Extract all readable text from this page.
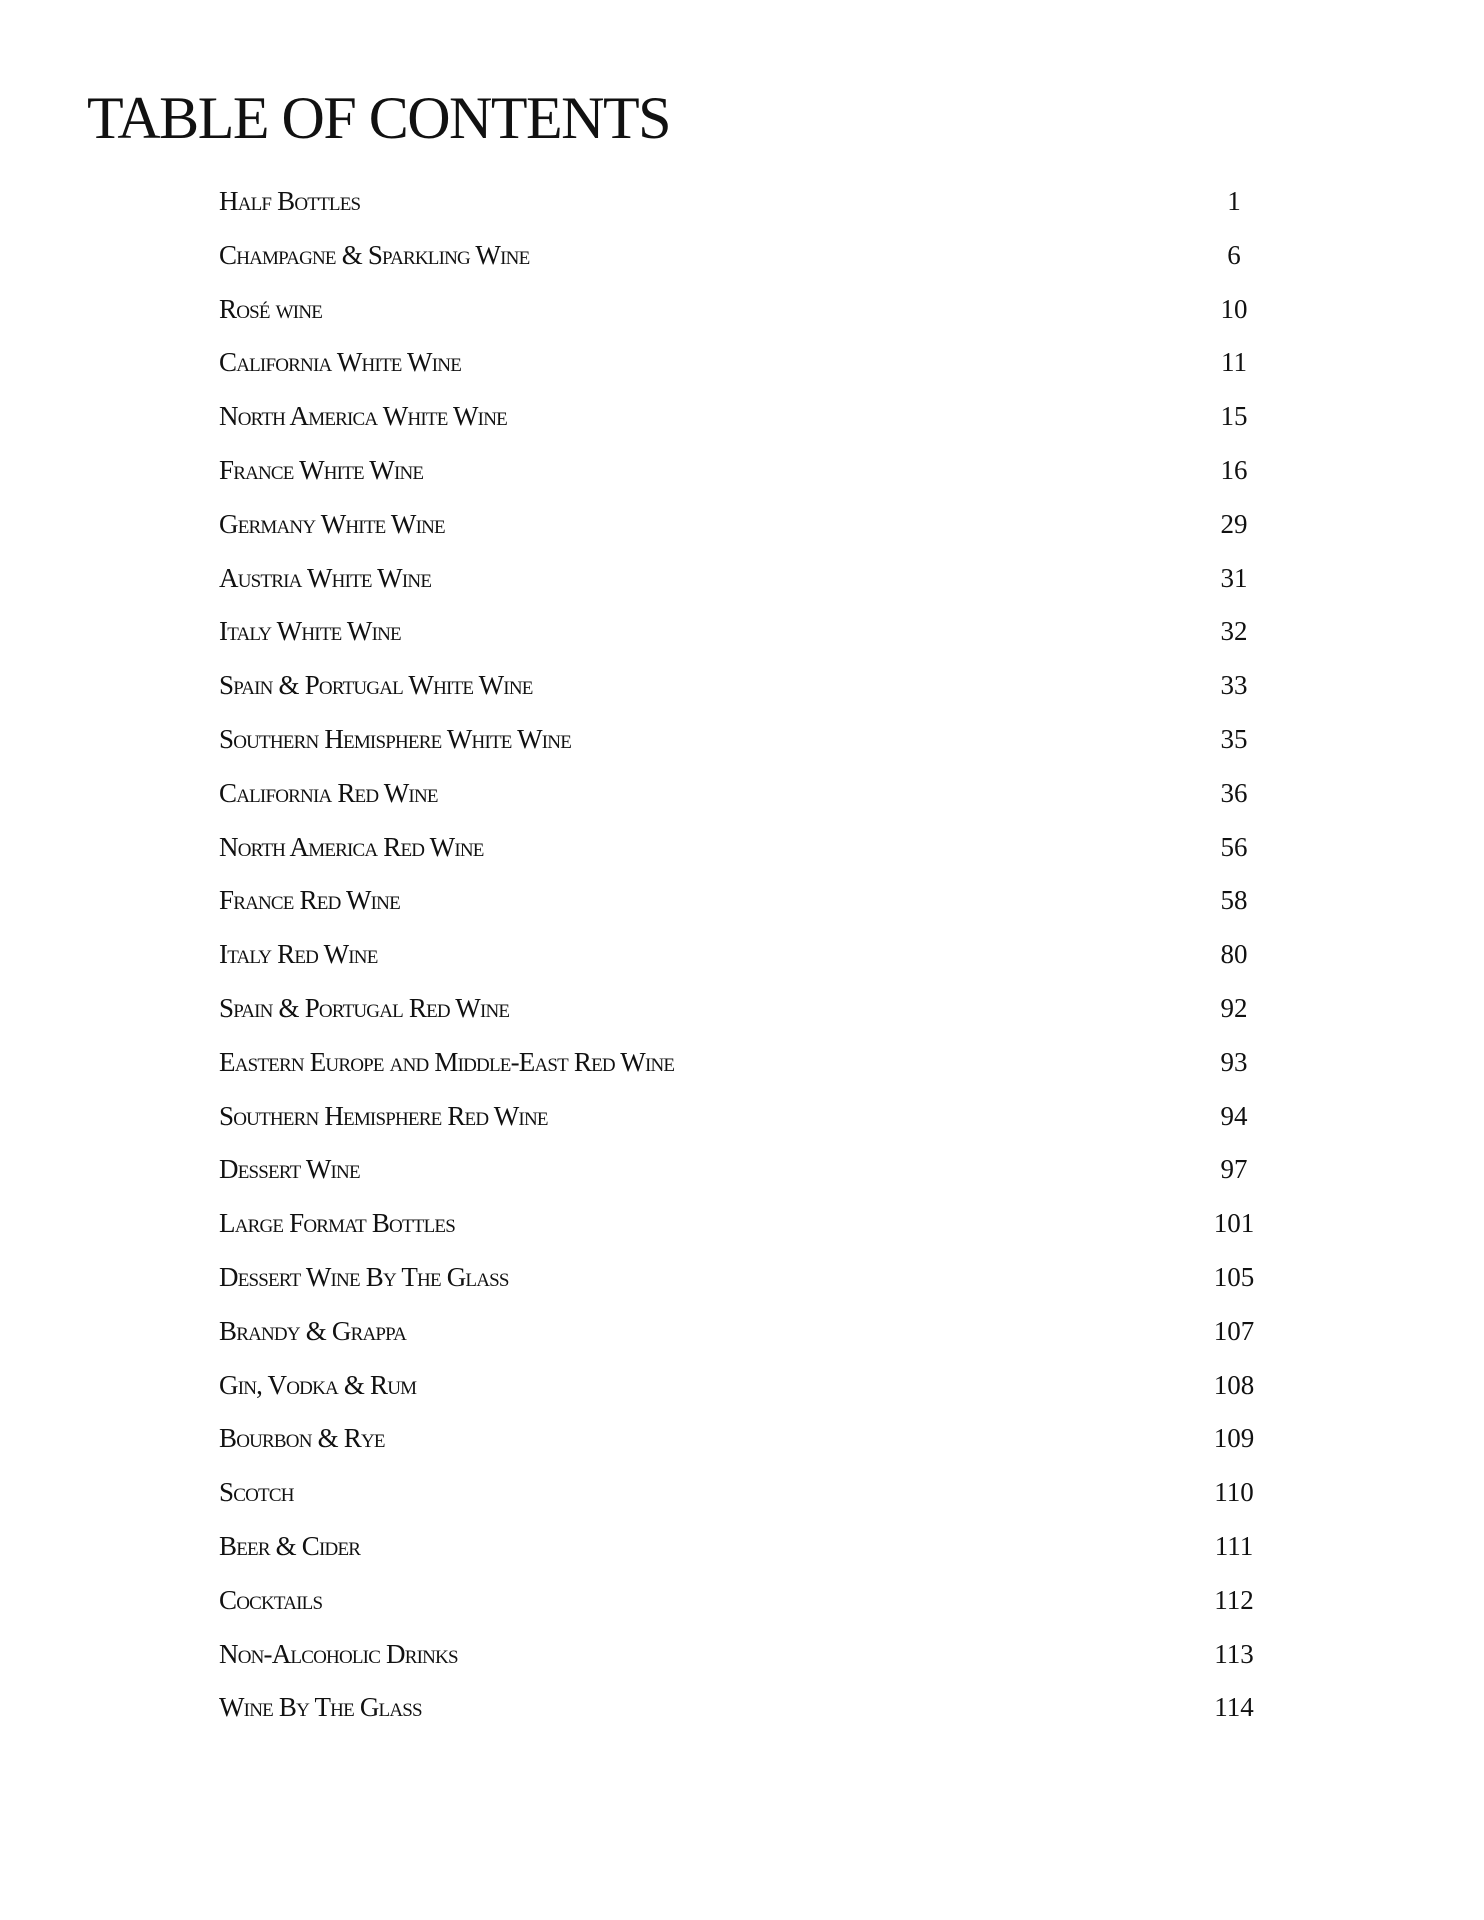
TABLE OF CONTENTS
Half Bottles	1
Champagne & Sparkling Wine	6
Rosé wine	10
California White Wine	11
North America White Wine	15
France White Wine	16
Germany White Wine	29
Austria White Wine	31
Italy White Wine	32
Spain & Portugal White Wine	33
Southern Hemisphere White Wine	35
California Red Wine	36
North America Red Wine	56
France Red Wine	58
Italy Red Wine	80
Spain & Portugal Red Wine	92
Eastern Europe and Middle-East Red Wine	93
Southern Hemisphere Red Wine	94
Dessert Wine	97
Large Format Bottles	101
Dessert Wine By The Glass	105
Brandy & Grappa	107
Gin, Vodka & Rum	108
Bourbon & Rye	109
Scotch	110
Beer & Cider	111
Cocktails	112
Non-Alcoholic Drinks	113
Wine By The Glass	114
